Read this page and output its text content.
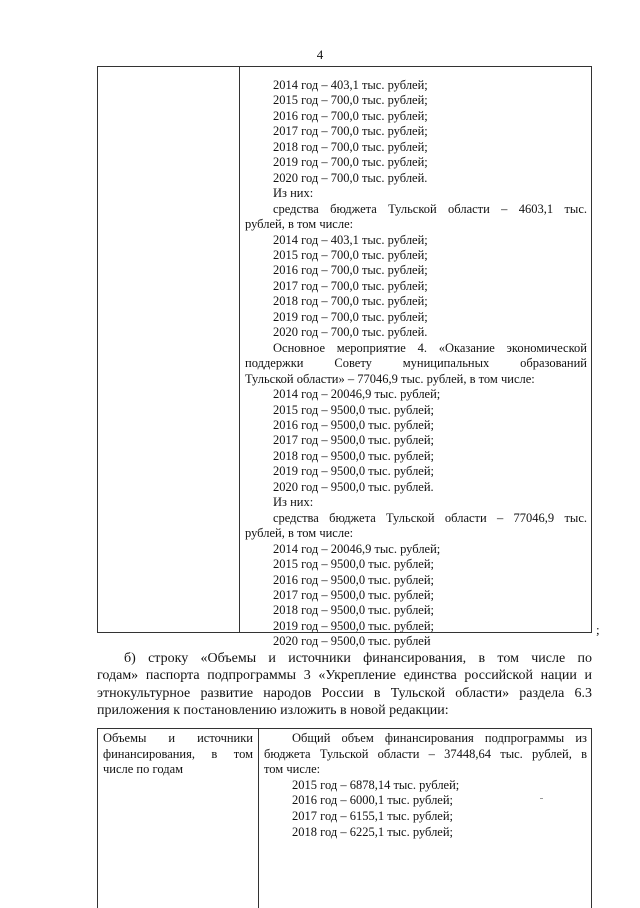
4
2014 год – 403,1 тыс. рублей;
2015 год – 700,0 тыс. рублей;
2016 год – 700,0 тыс. рублей;
2017 год – 700,0 тыс. рублей;
2018 год – 700,0 тыс. рублей;
2019 год – 700,0 тыс. рублей;
2020 год – 700,0 тыс. рублей.
Из них:
средства бюджета Тульской области – 4603,1 тыс.
рублей, в том числе:
2014 год – 403,1 тыс. рублей;
2015 год – 700,0 тыс. рублей;
2016 год – 700,0 тыс. рублей;
2017 год – 700,0 тыс. рублей;
2018 год – 700,0 тыс. рублей;
2019 год – 700,0 тыс. рублей;
2020 год – 700,0 тыс. рублей.
Основное мероприятие 4. «Оказание экономической
поддержки Совету муниципальных образований
Тульской области» – 77046,9 тыс. рублей, в том числе:
2014 год – 20046,9 тыс. рублей;
2015 год – 9500,0 тыс. рублей;
2016 год – 9500,0 тыс. рублей;
2017 год – 9500,0 тыс. рублей;
2018 год – 9500,0 тыс. рублей;
2019 год – 9500,0 тыс. рублей;
2020 год – 9500,0 тыс. рублей.
Из них:
средства бюджета Тульской области – 77046,9 тыс.
рублей, в том числе:
2014 год – 20046,9 тыс. рублей;
2015 год – 9500,0 тыс. рублей;
2016 год – 9500,0 тыс. рублей;
2017 год – 9500,0 тыс. рублей;
2018 год – 9500,0 тыс. рублей;
2019 год – 9500,0 тыс. рублей;
2020 год – 9500,0 тыс. рублей
;
б) строку «Объемы и источники финансирования, в том числе по
годам» паспорта подпрограммы 3 «Укрепление единства российской нации и
этнокультурное развитие народов России в Тульской области» раздела 6.3
приложения к постановлению изложить в новой редакции:
Объемы и источники
финансирования, в том
числе по годам
Общий объем финансирования подпрограммы из
бюджета Тульской области – 37448,64 тыс. рублей, в
том числе:
2015 год – 6878,14 тыс. рублей;
2016 год – 6000,1 тыс. рублей;
2017 год – 6155,1 тыс. рублей;
2018 год – 6225,1 тыс. рублей;
